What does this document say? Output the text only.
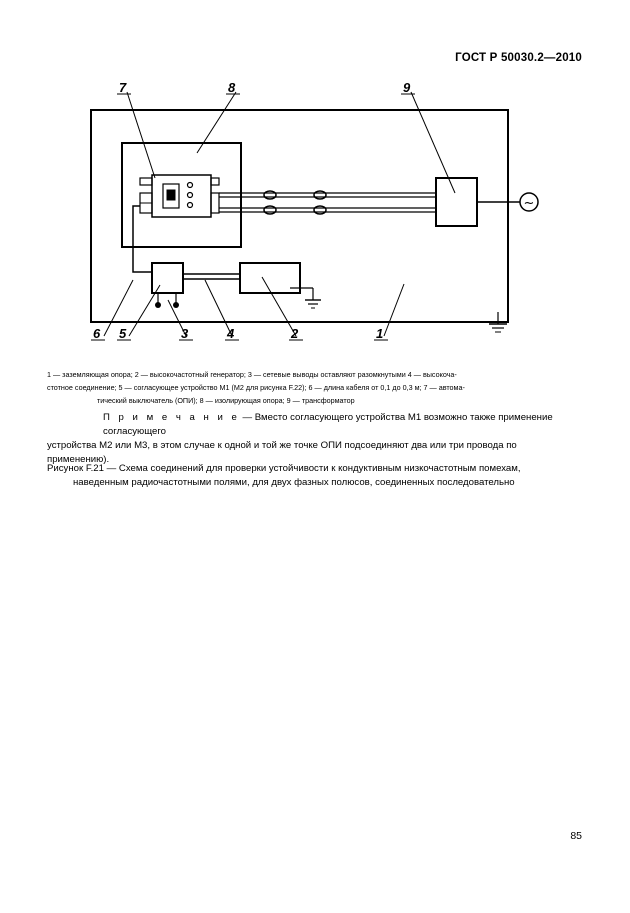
ГОСТ Р 50030.2—2010
7	8	9
6 5	3	4	2	1
~
1 — заземляющая опора; 2 — высокочастотный генератор; 3 — сетевые выводы оставляют разомкнутыми 4 — высокоча-
стотное соединение; 5 — согласующее устройство М1 (М2 для рисунка F.22); 6 — длина кабеля от 0,1 до 0,3 м; 7 — автома-
тический выключатель (ОПИ); 8 — изолирующая опора; 9 — трансформатор
П р и м е ч а н и е — Вместо согласующего устройства М1 возможно также применение согласующего
устройства М2 или М3, в этом случае к одной и той же точке ОПИ подсоединяют два или три провода по
применению).
Рисунок F.21 — Схема соединений для проверки устойчивости к кондуктивным низкочастотным помехам,
наведенным радиочастотными полями, для двух фазных полюсов, соединенных последовательно
85
